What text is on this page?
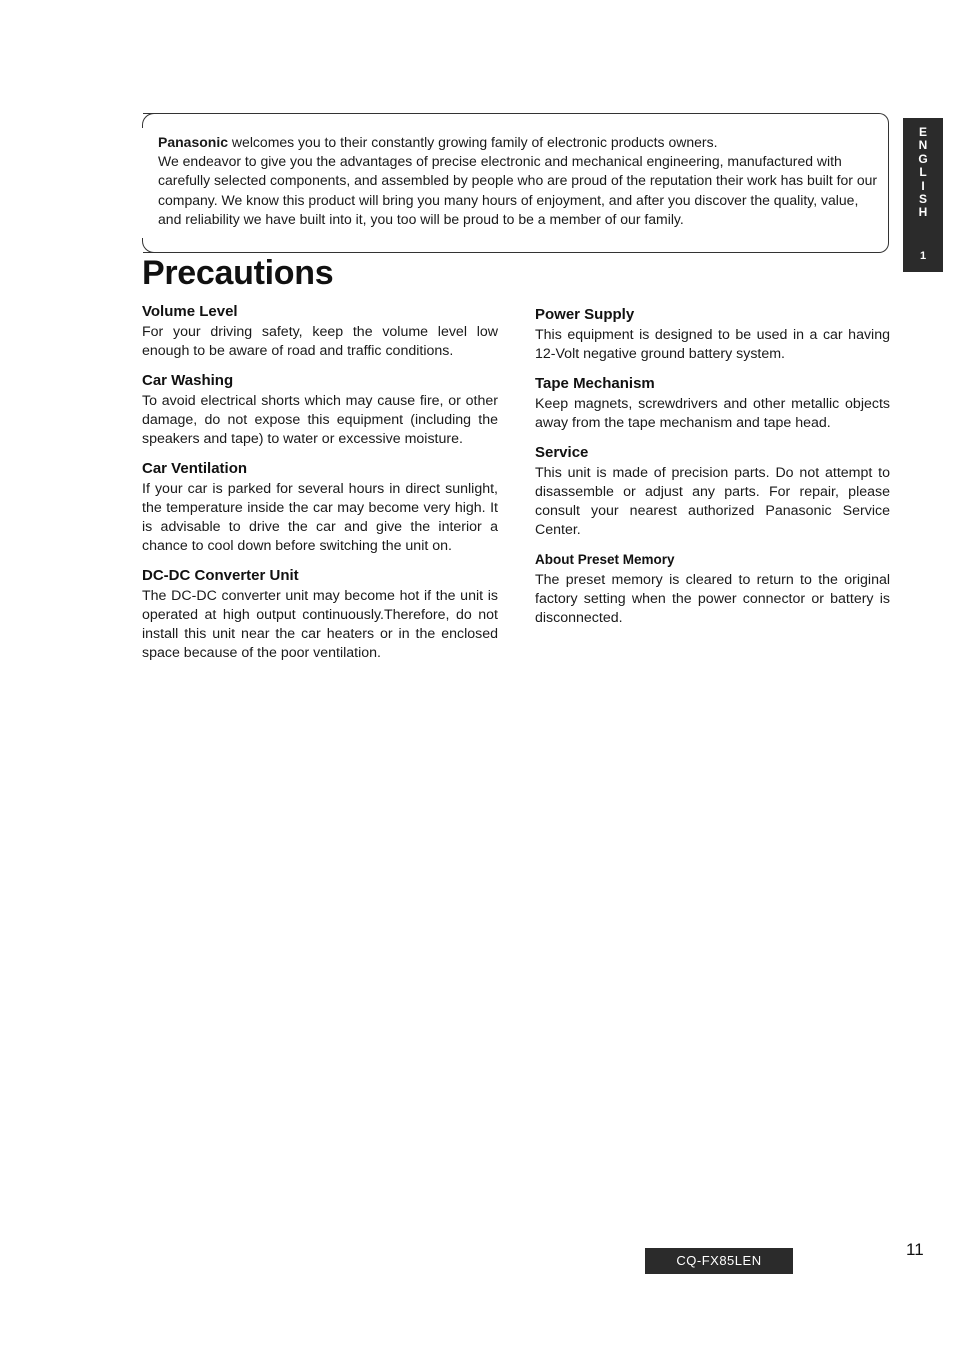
Panasonic welcomes you to their constantly growing family of electronic products owners.
We endeavor to give you the advantages of precise electronic and mechanical engineering, manufactured with carefully selected components, and assembled by people who are proud of the reputation their work has built for our company. We know this product will bring you many hours of enjoyment, and after you discover the quality, value, and reliability we have built into it, you too will be proud to be a member of our family.

Precautions
E
N
G
L
I
S
H
1
Volume Level

For your driving safety, keep the volume level low enough to be aware of road and traffic conditions.

Car Washing

To avoid electrical shorts which may cause fire, or other damage, do not expose this equipment (including the speakers and tape) to water or excessive moisture.

Car Ventilation

If your car is parked for several hours in direct sunlight, the temperature inside the car may become very high. It is advisable to drive the car and give the interior a chance to cool down before switching the unit on.

DC-DC Converter Unit

The DC-DC converter unit may become hot if the unit is operated at high output continuously.Therefore, do not install this unit near the car heaters or in the enclosed space because of the poor ventilation.

Power Supply

This equipment is designed to be used in a car having 12-Volt negative ground battery system.

Tape Mechanism

Keep magnets, screwdrivers and other metallic objects away from the tape mechanism and tape head.

Service

This unit is made of precision parts. Do not attempt to disassemble or adjust any parts. For repair, please consult your nearest authorized Panasonic Service Center.

About Preset Memory

The preset memory is cleared to return to the original factory setting when the power connector or battery is disconnected.

CQ-FX85LEN
11
